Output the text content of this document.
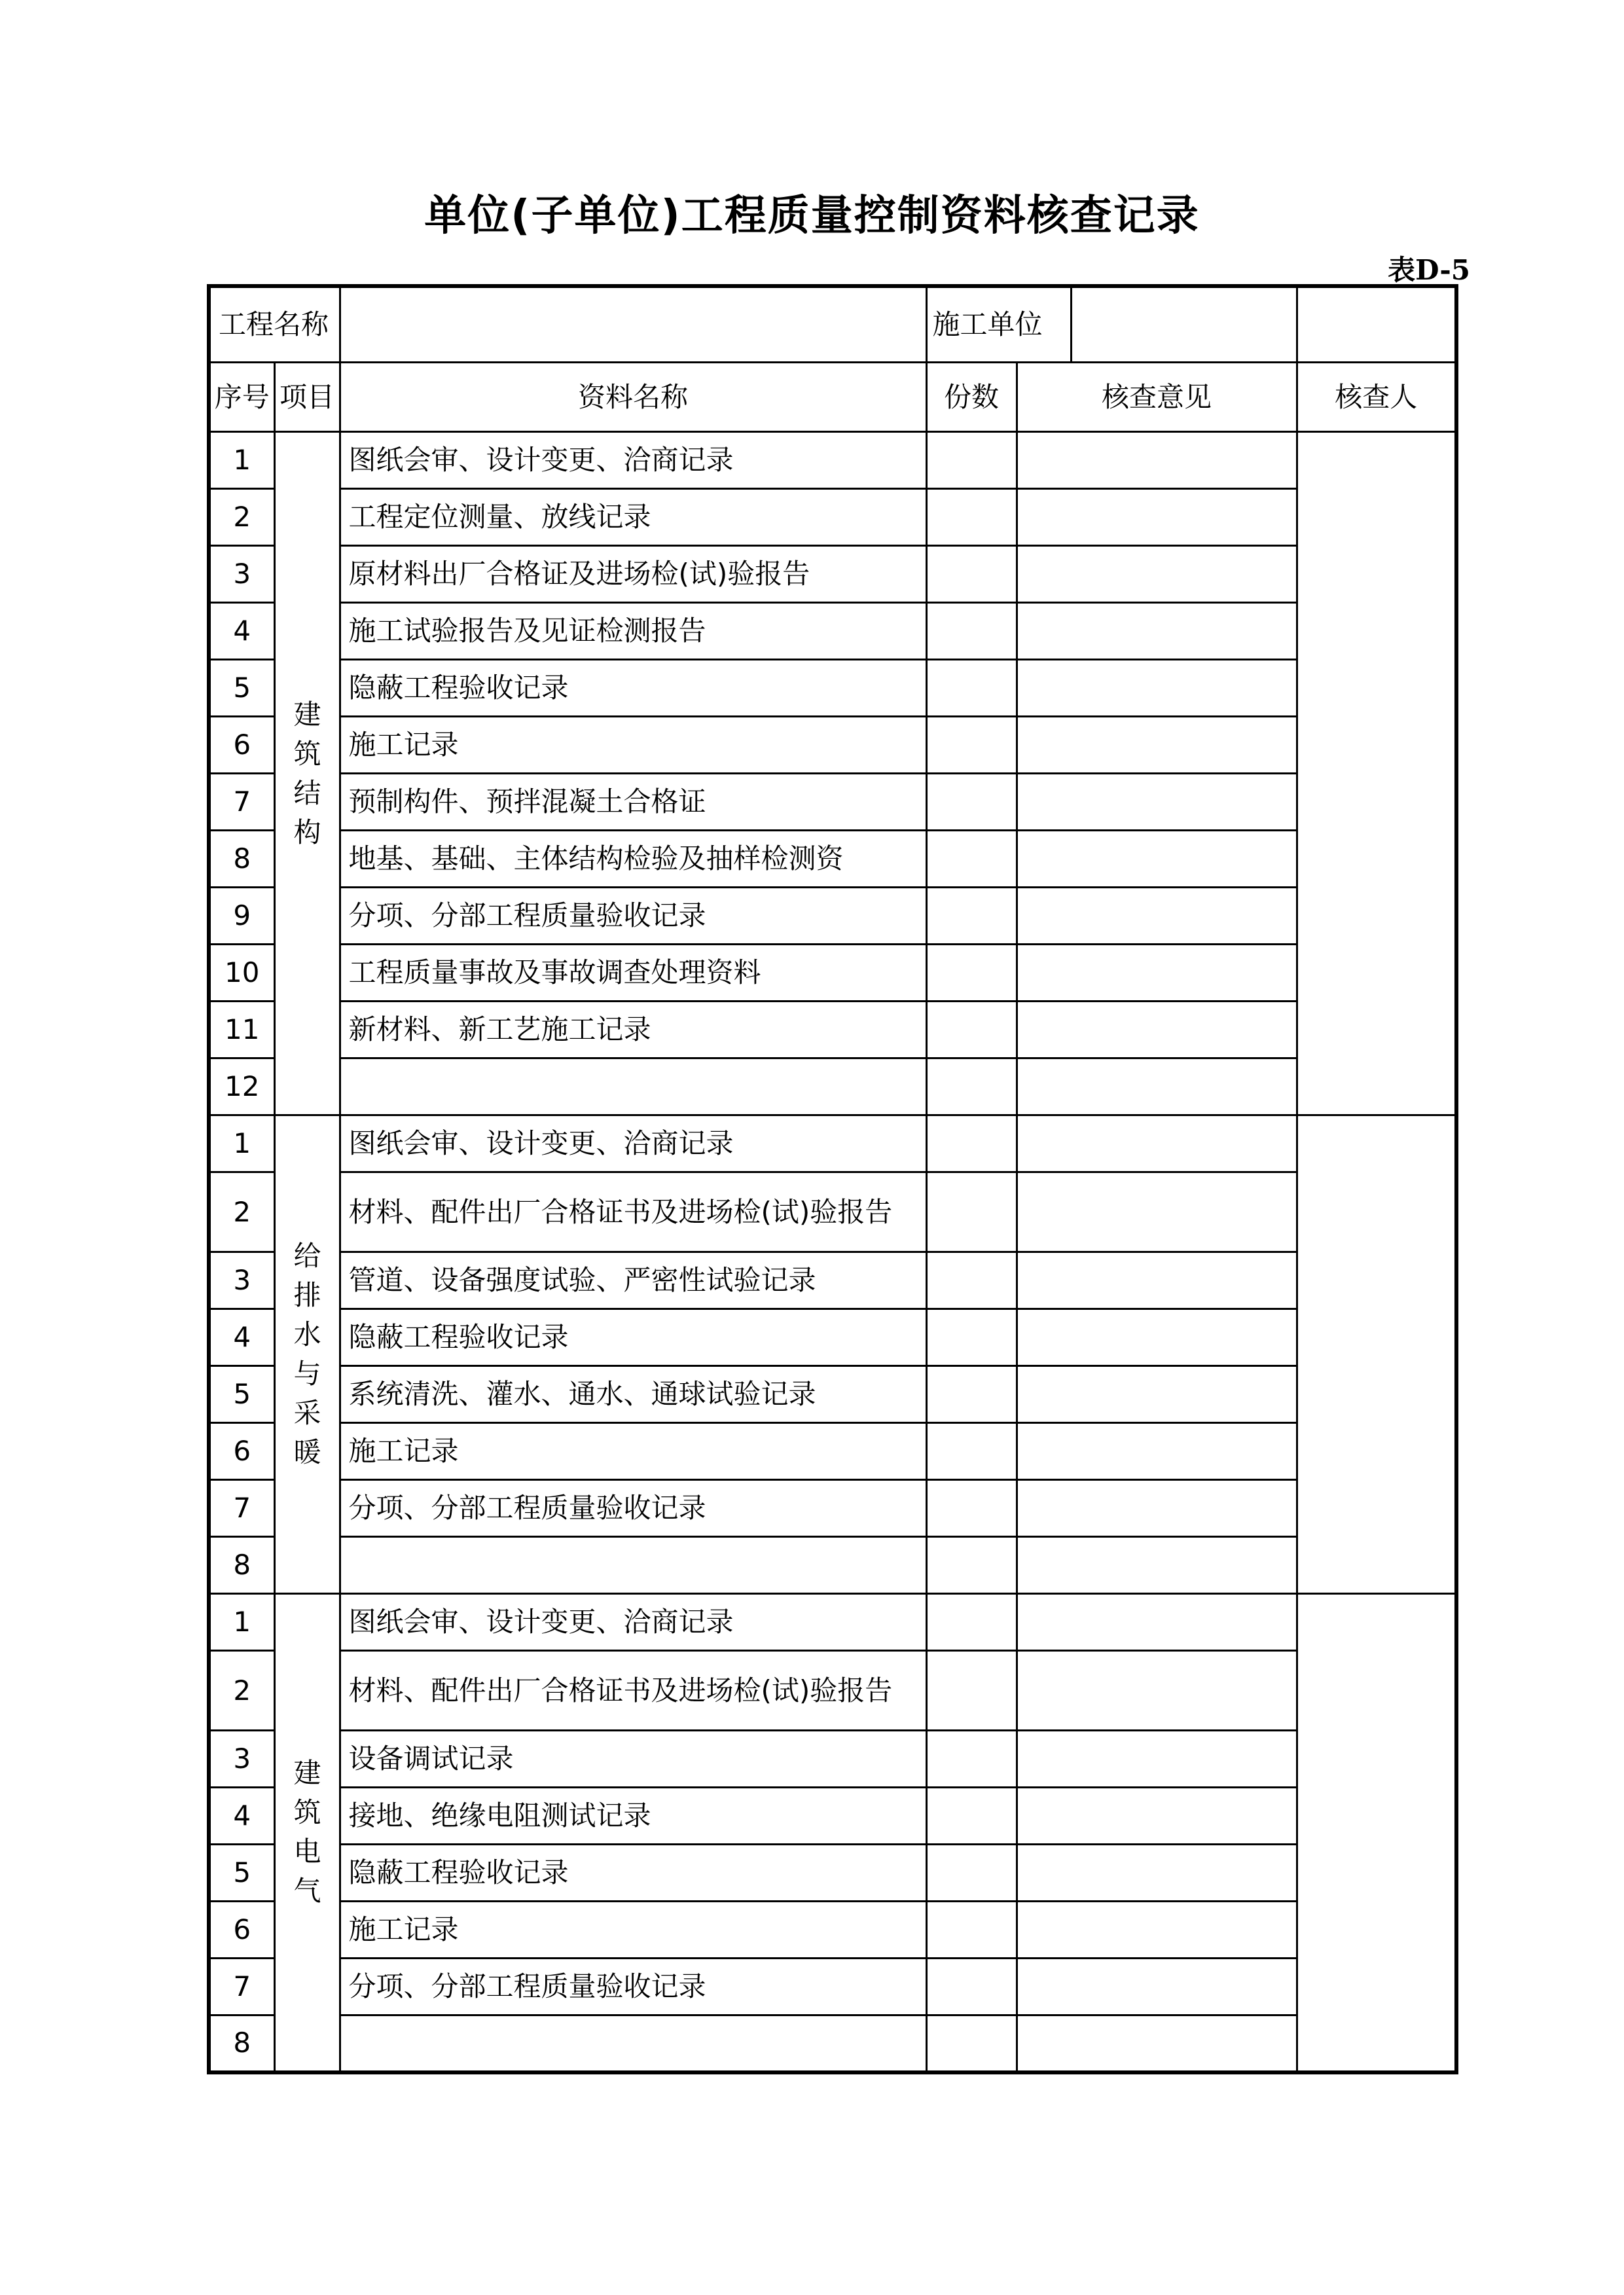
单位(子单位)工程质量控制资料核查记录
表D-5
工程名称			施工单位	

序号	项目	资料名称	份数	核查意见	核查人
1	建筑结构	图纸会审、设计变更、洽商记录			
2	工程定位测量、放线记录		
3	原材料出厂合格证及进场检(试)验报告		
4	施工试验报告及见证检测报告		
5	隐蔽工程验收记录		
6	施工记录		
7	预制构件、预拌混凝土合格证		
8	地基、基础、主体结构检验及抽样检测资		
9	分项、分部工程质量验收记录		
10	工程质量事故及事故调查处理资料		
11	新材料、新工艺施工记录		
12			
1	给排水与采暖	图纸会审、设计变更、洽商记录			
2	材料、配件出厂合格证书及进场检(试)验报告		
3	管道、设备强度试验、严密性试验记录		
4	隐蔽工程验收记录		
5	系统清洗、灌水、通水、通球试验记录		
6	施工记录		
7	分项、分部工程质量验收记录		
8			
1	建筑电气	图纸会审、设计变更、洽商记录			
2	材料、配件出厂合格证书及进场检(试)验报告		
3	设备调试记录		
4	接地、绝缘电阻测试记录		
5	隐蔽工程验收记录		
6	施工记录		
7	分项、分部工程质量验收记录		
8			
